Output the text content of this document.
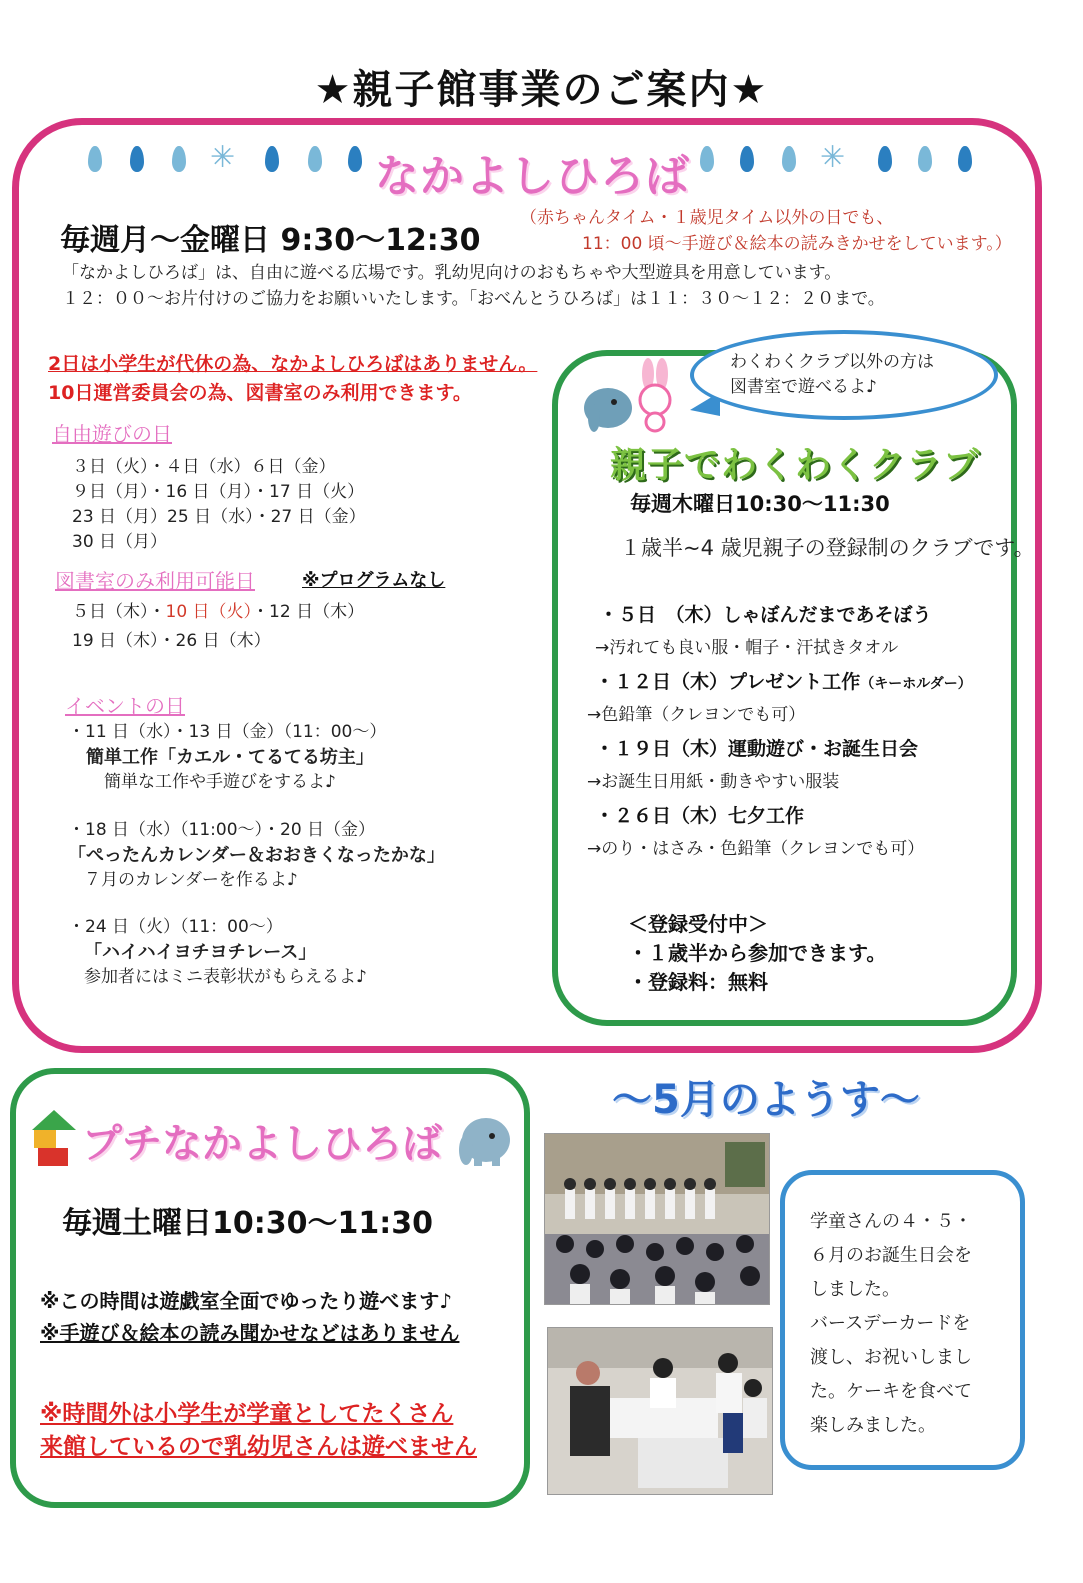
★親子館事業のご案内★
✳	✳
なかよしひろば
毎週月～金曜日 9:30～12:30
（赤ちゃんタイム・１歳児タイム以外の日でも、
11：00 頃～手遊び＆絵本の読みきかせをしています。）
「なかよしひろば」は、自由に遊べる広場です。乳幼児向けのおもちゃや大型遊具を用意しています。
１２：００～お片付けのご協力をお願いいたします。「おべんとうひろば」は１１：３０～１２：２０まで。
2日は小学生が代休の為、なかよしひろばはありません。
10日運営委員会の為、図書室のみ利用できます。
自由遊びの日
３日（火）・４日（水）６日（金）
９日（月）・16 日（月）・17 日（火）
23 日（月）25 日（水）・27 日（金）
30 日（月）
図書室のみ利用可能日	※プログラムなし
５日（木）・10 日（火）・12 日（木）
19 日（木）・26 日（木）
イベントの日
・11 日（水）・13 日（金）（11：00～）
簡単工作「カエル・てるてる坊主」
簡単な工作や手遊びをするよ♪
・18 日（水）（11:00～）・20 日（金）
「ぺったんカレンダー＆おおきくなったかな」
７月のカレンダーを作るよ♪
・24 日（火）（11：00～）
「ハイハイヨチヨチレース」
参加者にはミニ表彰状がもらえるよ♪
わくわくクラブ以外の方は
図書室で遊べるよ♪
親子でわくわくクラブ
毎週木曜日10:30～11:30
１歳半~4 歳児親子の登録制のクラブです。
・５日　（木）しゃぼんだまであそぼう
→汚れても良い服・帽子・汗拭きタオル
・１２日（木）プレゼント工作（キーホルダー）
→色鉛筆（クレヨンでも可）
・１９日（木）運動遊び・お誕生日会
→お誕生日用紙・動きやすい服装
・２６日（木）七夕工作
→のり・はさみ・色鉛筆（クレヨンでも可）
＜登録受付中＞
・１歳半から参加できます。
・登録料：無料
プチなかよしひろば
毎週土曜日10:30～11:30
※この時間は遊戯室全面でゆったり遊べます♪
※手遊び＆絵本の読み聞かせなどはありません
※時間外は小学生が学童としてたくさん
来館しているので乳幼児さんは遊べません
～5月のようす～
学童さんの４・５・
６月のお誕生日会を
しました。
バースデーカードを
渡し、お祝いしまし
た。ケーキを食べて
楽しみました。
